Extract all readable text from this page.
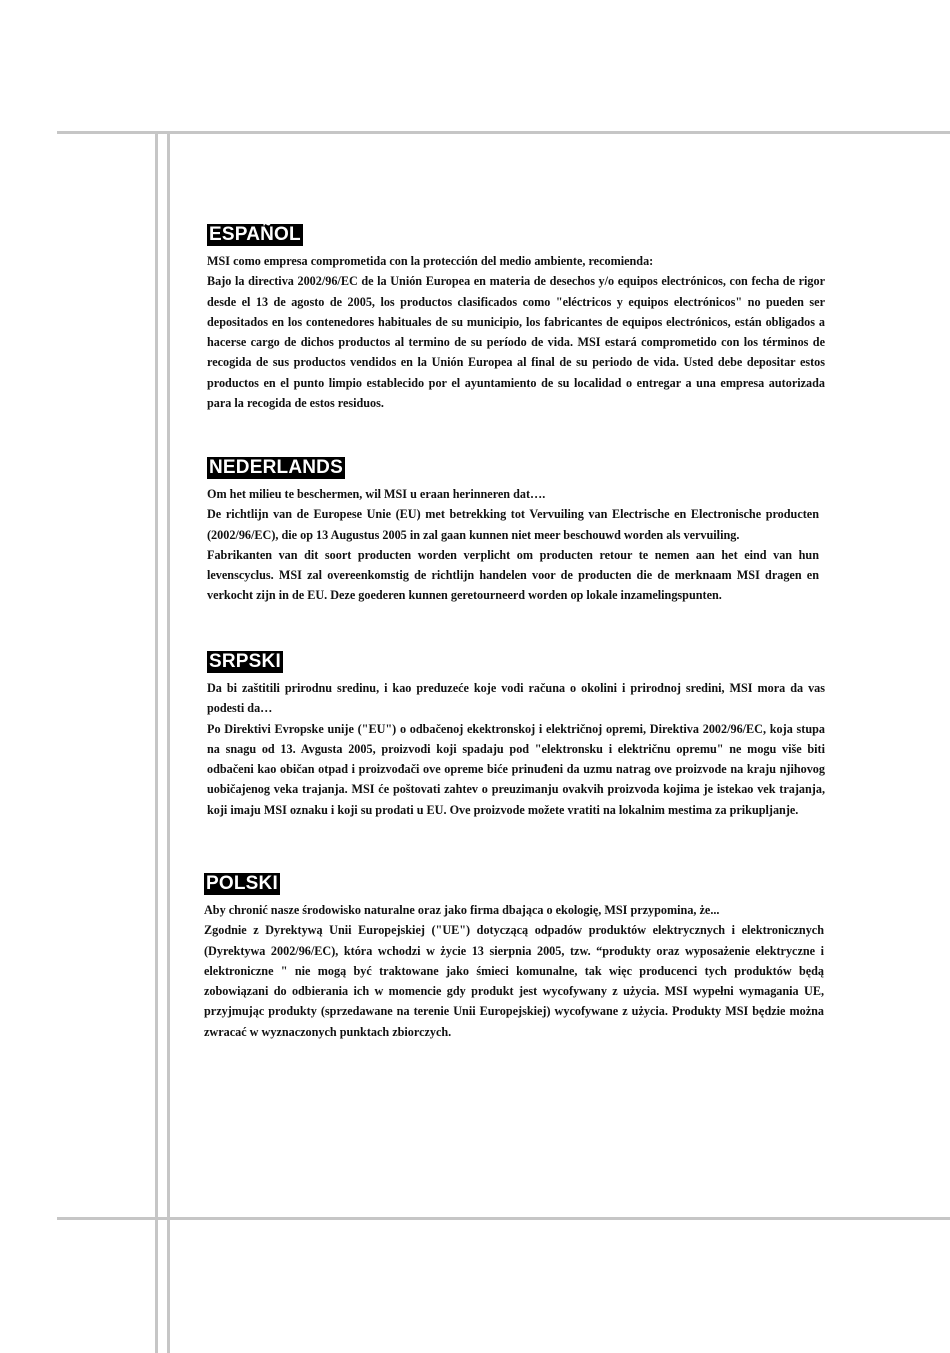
ESPAÑOL

MSI como empresa comprometida con la protección del medio ambiente, recomienda:

Bajo la directiva 2002/96/EC de la Unión Europea en materia de desechos y/o equipos electrónicos, con fecha de rigor desde el 13 de agosto de 2005, los productos clasificados como "eléctricos y equipos electrónicos" no pueden ser depositados en los contenedores habituales de su municipio, los fabricantes de equipos electrónicos, están obligados a hacerse cargo de dichos productos al termino de su período de vida. MSI estará comprometido con los términos de recogida de sus productos vendidos en la Unión Europea al final de su periodo de vida. Usted debe depositar estos productos en el punto limpio establecido por el ayuntamiento de su localidad o entregar a una empresa autorizada para la recogida de estos residuos.

NEDERLANDS

Om het milieu te beschermen, wil MSI u eraan herinneren dat….

De richtlijn van de Europese Unie (EU) met betrekking tot Vervuiling van Electrische en Electronische producten (2002/96/EC), die op 13 Augustus 2005 in zal gaan kunnen niet meer beschouwd worden als vervuiling.

Fabrikanten van dit soort producten worden verplicht om producten retour te nemen aan het eind van hun levenscyclus. MSI zal overeenkomstig de richtlijn handelen voor de producten die de merknaam MSI dragen en verkocht zijn in de EU. Deze goederen kunnen geretourneerd worden op lokale inzamelingspunten.

SRPSKI

Da bi zaštitili prirodnu sredinu, i kao preduzeće koje vodi računa o okolini i prirodnoj sredini, MSI mora da vas podesti da…

Po Direktivi Evropske unije ("EU") o odbačenoj ekektronskoj i električnoj opremi, Direktiva 2002/96/EC, koja stupa na snagu od 13. Avgusta 2005, proizvodi koji spadaju pod "elektronsku i električnu opremu" ne mogu više biti odbačeni kao običan otpad i proizvođači ove opreme biće prinuđeni da uzmu natrag ove proizvode na kraju njihovog uobičajenog veka trajanja. MSI će poštovati zahtev o preuzimanju ovakvih proizvoda kojima je istekao vek trajanja, koji imaju MSI oznaku i koji su prodati u EU. Ove proizvode možete vratiti na lokalnim mestima za prikupljanje.

POLSKI

Aby chronić nasze środowisko naturalne oraz jako firma dbająca o ekologię, MSI przypomina, że...

Zgodnie z Dyrektywą Unii Europejskiej ("UE") dotyczącą odpadów produktów elektrycznych i elektronicznych (Dyrektywa 2002/96/EC), która wchodzi w życie 13 sierpnia 2005, tzw. “produkty oraz wyposażenie elektryczne i elektroniczne " nie mogą być traktowane jako śmieci komunalne, tak więc producenci tych produktów będą zobowiązani do odbierania ich w momencie gdy produkt jest wycofywany z użycia. MSI wypełni wymagania UE, przyjmując produkty (sprzedawane na terenie Unii Europejskiej) wycofywane z użycia. Produkty MSI będzie można zwracać w wyznaczonych punktach zbiorczych.
